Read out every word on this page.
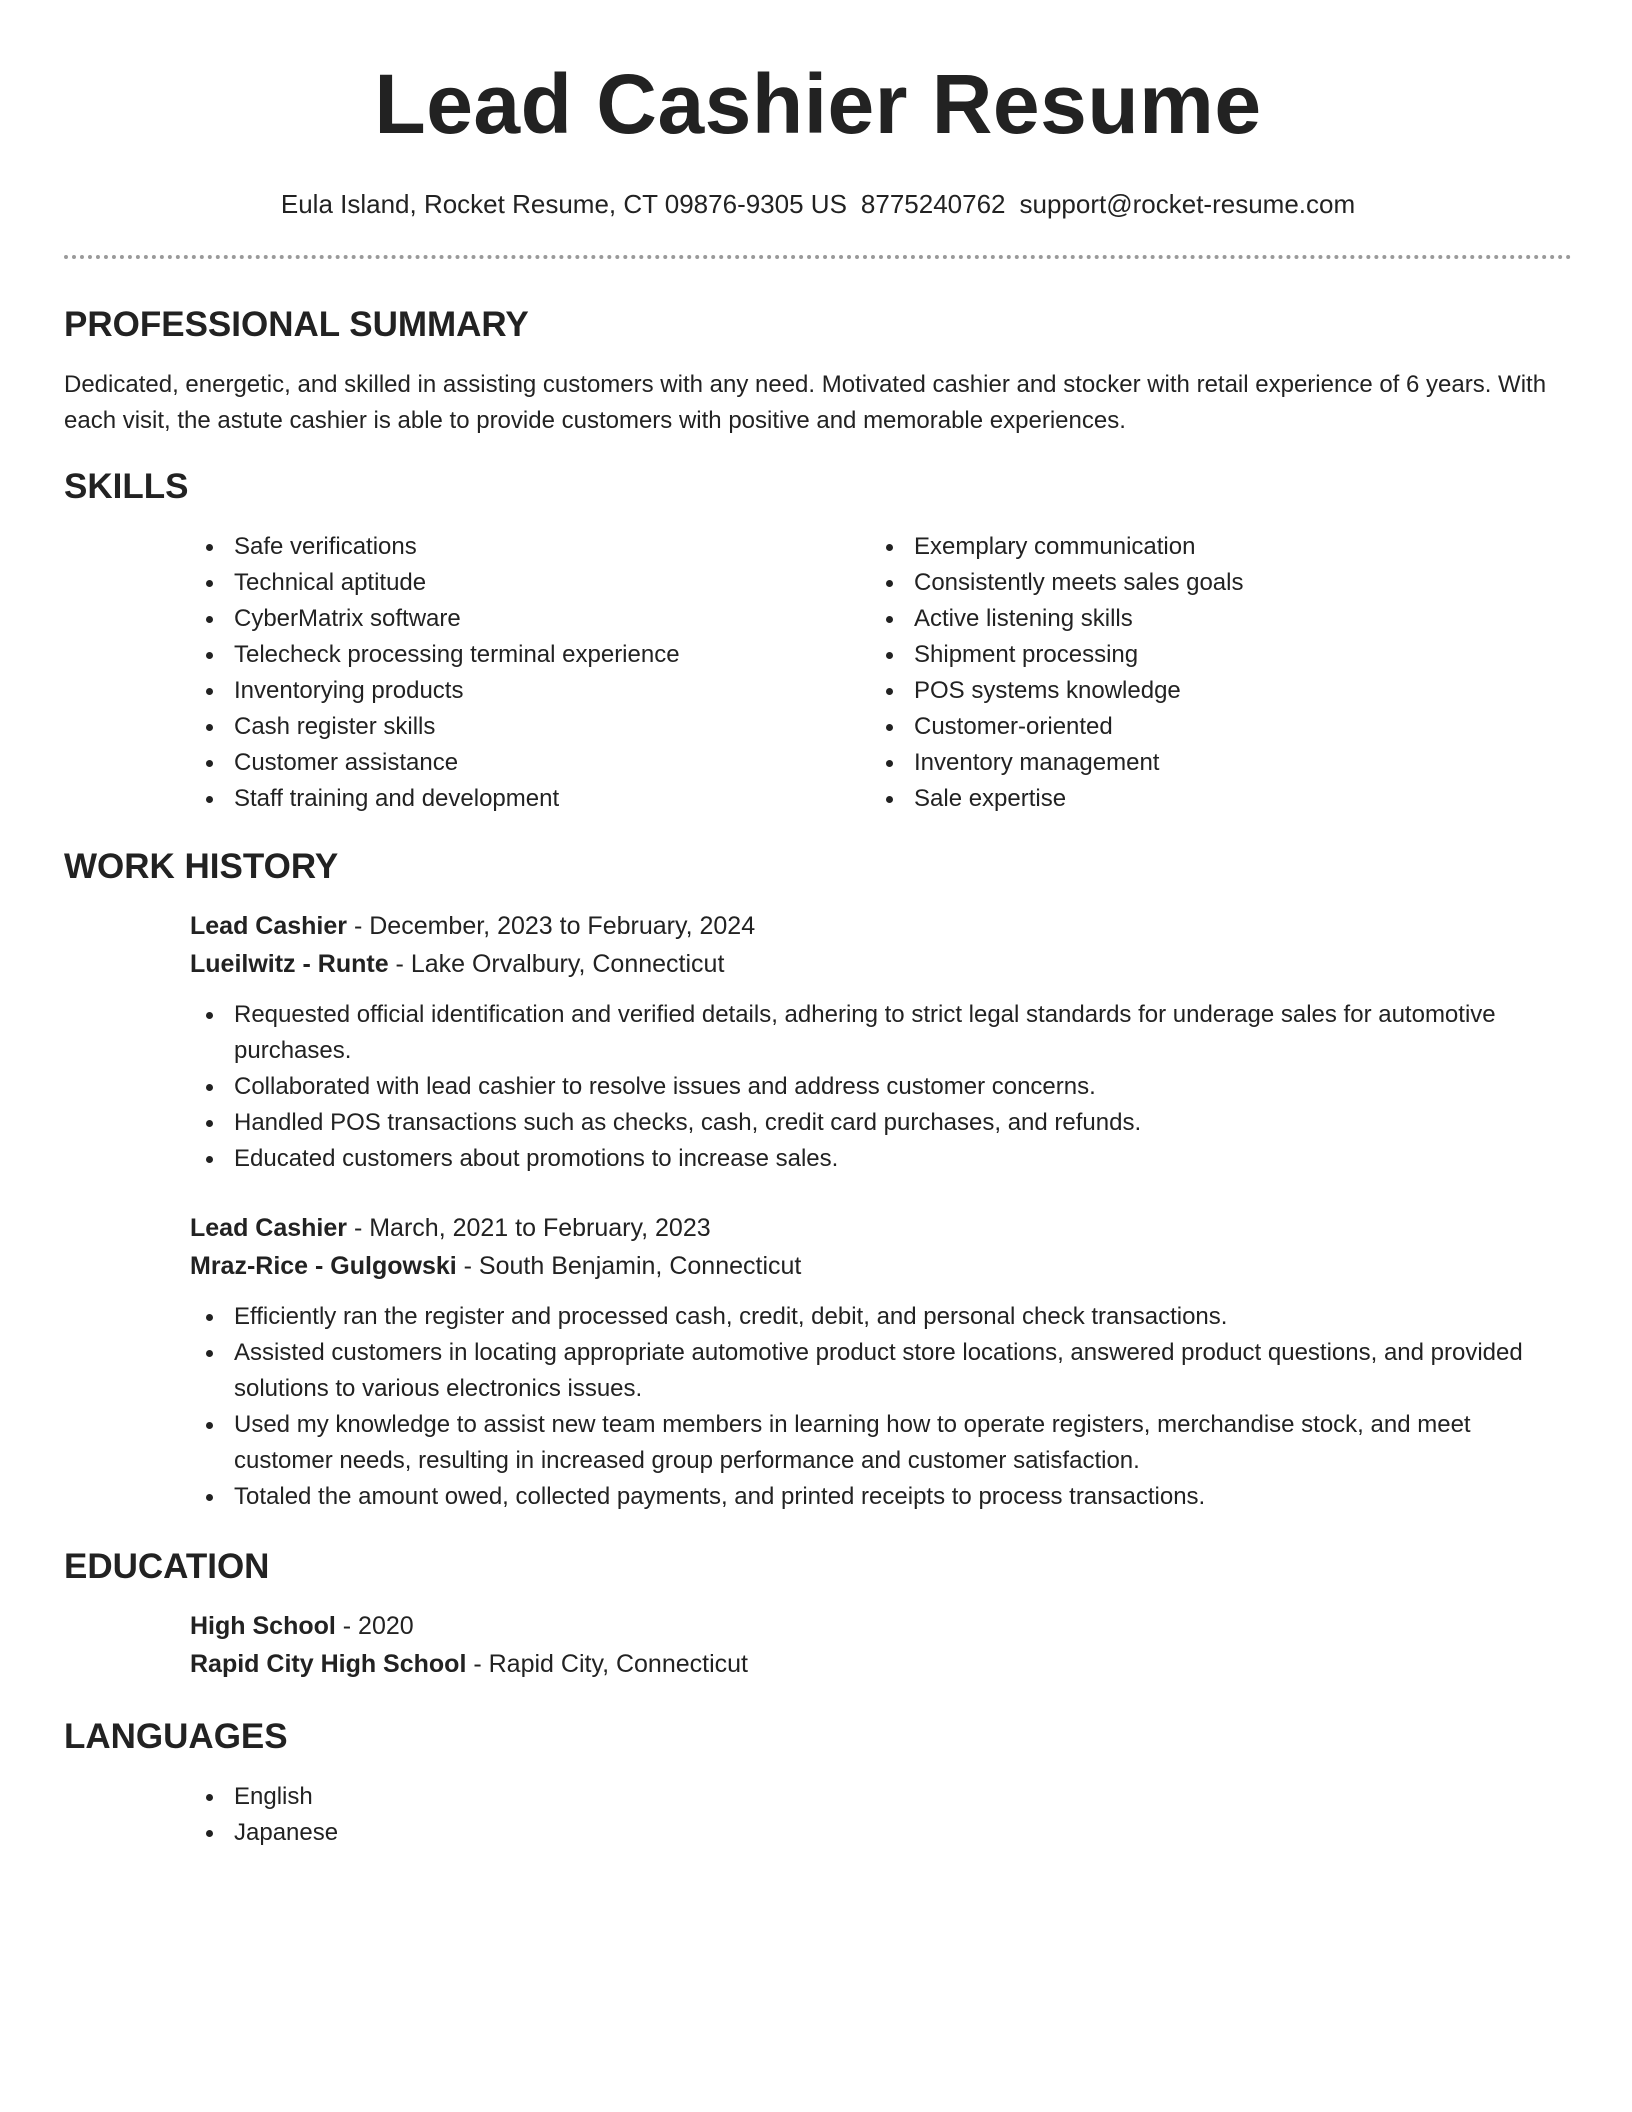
Lead Cashier Resume
Eula Island, Rocket Resume, CT 09876-9305 US 8775240762 support@rocket-resume.com
PROFESSIONAL SUMMARY

Dedicated, energetic, and skilled in assisting customers with any need. Motivated cashier and stocker with retail experience of 6 years. With each visit, the astute cashier is able to provide customers with positive and memorable experiences.

SKILLS
Safe verifications
Technical aptitude
CyberMatrix software
Telecheck processing terminal experience
Inventorying products
Cash register skills
Customer assistance
Staff training and development
Exemplary communication
Consistently meets sales goals
Active listening skills
Shipment processing
POS systems knowledge
Customer-oriented
Inventory management
Sale expertise
WORK HISTORY
Lead Cashier - December, 2023 to February, 2024
Lueilwitz - Runte - Lake Orvalbury, Connecticut
Requested official identification and verified details, adhering to strict legal standards for underage sales for automotive purchases.
Collaborated with lead cashier to resolve issues and address customer concerns.
Handled POS transactions such as checks, cash, credit card purchases, and refunds.
Educated customers about promotions to increase sales.
Lead Cashier - March, 2021 to February, 2023
Mraz-Rice - Gulgowski - South Benjamin, Connecticut
Efficiently ran the register and processed cash, credit, debit, and personal check transactions.
Assisted customers in locating appropriate automotive product store locations, answered product questions, and provided solutions to various electronics issues.
Used my knowledge to assist new team members in learning how to operate registers, merchandise stock, and meet customer needs, resulting in increased group performance and customer satisfaction.
Totaled the amount owed, collected payments, and printed receipts to process transactions.
EDUCATION
High School - 2020
Rapid City High School - Rapid City, Connecticut
LANGUAGES
English
Japanese
